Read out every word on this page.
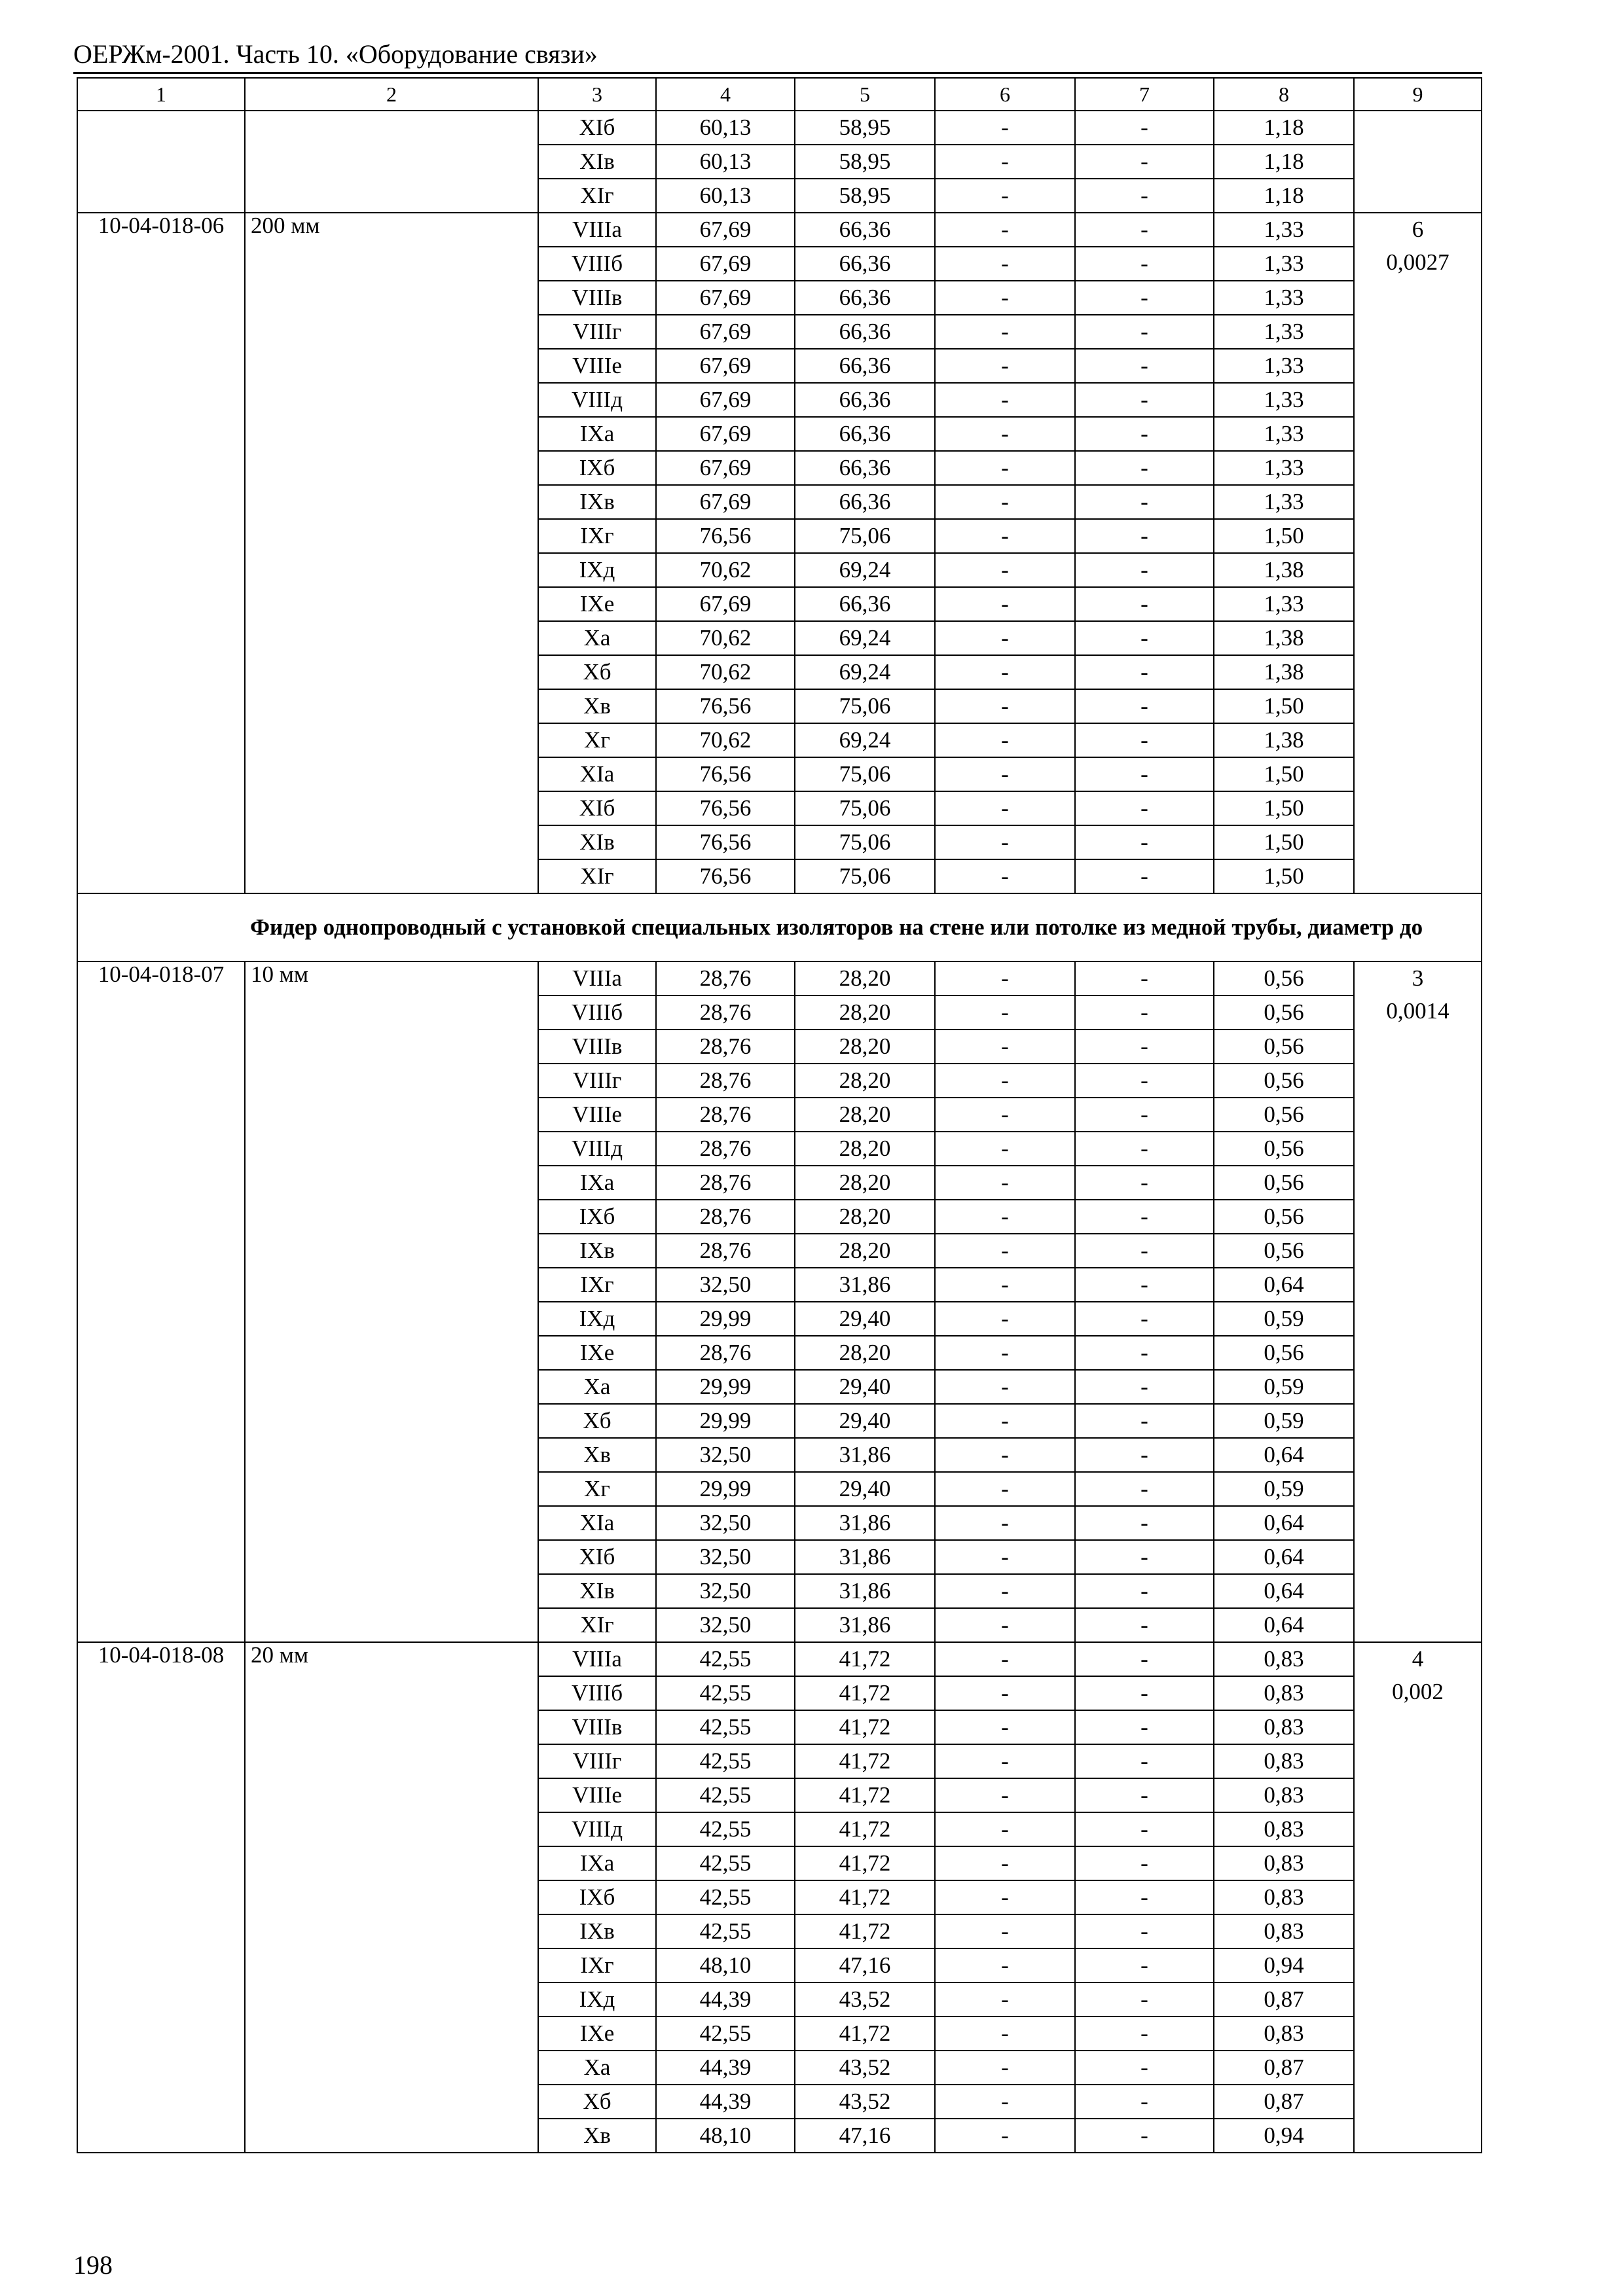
ОЕРЖм-2001. Часть 10. «Оборудование связи»
1	2	3	4	5	6	7	8	9
		XIб	60,13	58,95	-	-	1,18	
		XIв	60,13	58,95	-	-	1,18	
		XIг	60,13	58,95	-	-	1,18	
10-04-018-06	200 мм	VIIIа	67,69	66,36	-	-	1,33	6
0,0027

		VIIIб	67,69	66,36	-	-	1,33	
		VIIIв	67,69	66,36	-	-	1,33	
		VIIIг	67,69	66,36	-	-	1,33	
		VIIIе	67,69	66,36	-	-	1,33	
		VIIIд	67,69	66,36	-	-	1,33	
		IXа	67,69	66,36	-	-	1,33	
		IXб	67,69	66,36	-	-	1,33	
		IXв	67,69	66,36	-	-	1,33	
		IXг	76,56	75,06	-	-	1,50	
		IXд	70,62	69,24	-	-	1,38	
		IXе	67,69	66,36	-	-	1,33	
		Xа	70,62	69,24	-	-	1,38	
		Xб	70,62	69,24	-	-	1,38	
		Xв	76,56	75,06	-	-	1,50	
		Xг	70,62	69,24	-	-	1,38	
		XIа	76,56	75,06	-	-	1,50	
		XIб	76,56	75,06	-	-	1,50	
		XIв	76,56	75,06	-	-	1,50	
		XIг	76,56	75,06	-	-	1,50	
	Фидер однопроводный с установкой специальных изоляторов на стене или потолке из медной трубы, диаметр до							
10-04-018-07	10 мм	VIIIа	28,76	28,20	-	-	0,56	3
0,0014

		VIIIб	28,76	28,20	-	-	0,56	
		VIIIв	28,76	28,20	-	-	0,56	
		VIIIг	28,76	28,20	-	-	0,56	
		VIIIе	28,76	28,20	-	-	0,56	
		VIIIд	28,76	28,20	-	-	0,56	
		IXа	28,76	28,20	-	-	0,56	
		IXб	28,76	28,20	-	-	0,56	
		IXв	28,76	28,20	-	-	0,56	
		IXг	32,50	31,86	-	-	0,64	
		IXд	29,99	29,40	-	-	0,59	
		IXе	28,76	28,20	-	-	0,56	
		Xа	29,99	29,40	-	-	0,59	
		Xб	29,99	29,40	-	-	0,59	
		Xв	32,50	31,86	-	-	0,64	
		Xг	29,99	29,40	-	-	0,59	
		XIа	32,50	31,86	-	-	0,64	
		XIб	32,50	31,86	-	-	0,64	
		XIв	32,50	31,86	-	-	0,64	
		XIг	32,50	31,86	-	-	0,64	
10-04-018-08	20 мм	VIIIа	42,55	41,72	-	-	0,83	4
0,002

		VIIIб	42,55	41,72	-	-	0,83	
		VIIIв	42,55	41,72	-	-	0,83	
		VIIIг	42,55	41,72	-	-	0,83	
		VIIIе	42,55	41,72	-	-	0,83	
		VIIIд	42,55	41,72	-	-	0,83	
		IXа	42,55	41,72	-	-	0,83	
		IXб	42,55	41,72	-	-	0,83	
		IXв	42,55	41,72	-	-	0,83	
		IXг	48,10	47,16	-	-	0,94	
		IXд	44,39	43,52	-	-	0,87	
		IXе	42,55	41,72	-	-	0,83	
		Xа	44,39	43,52	-	-	0,87	
		Xб	44,39	43,52	-	-	0,87	
		Xв	48,10	47,16	-	-	0,94	
198
